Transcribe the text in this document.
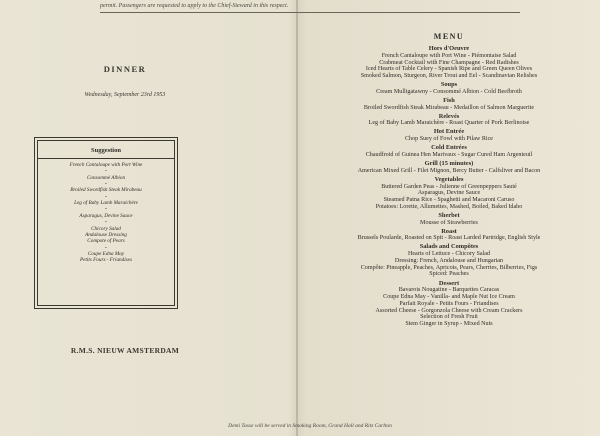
permit. Passengers are requested to apply to the Chief-Steward in this respect.
DINNER
Wednesday, September 23rd 1953
Suggestion
French Cantaloupe with Port Wine
•
Consommé Albion
•
Broiled Swordfish Steak Mirabeau
•
Leg of Baby Lamb Maraichère
•
Asparagus, Devine Sauce
•
Chicory Salad
Andalouse Dressing
Compote of Pears
•
Coupe Edna May
Petits Fours - Friandises
R.M.S. NIEUW AMSTERDAM
MENU
Hors d'Oeuvre
French Cantaloupe with Port Wine - Piémontaise Salad
Crabmeat Cocktail with Fine Champagne - Red Radishes
Iced Hearts of Table Celery - Spanish Ripe and Green Queen Olives
Smoked Salmon, Sturgeon, River Trout and Eel - Scandinavian Relishes
Soups
Cream Mulligatawny - Consommé Albion - Cold Beefbroth
Fish
Broiled Swordfish Steak Mirabeau - Medaillon of Salmon Marguerite
Relevés
Leg of Baby Lamb Maraichère - Roast Quarter of Pork Berlinoise
Hot Entrée
Chop Suey of Fowl with Pilaw Rice
Cold Entrées
Chaudfroid of Guinea Hen Marivaux - Sugar Cured Ham Argenteuil
Grill (15 minutes)
American Mixed Grill - Filet Mignon, Bercy Butter - Calfsliver and Bacon
Vegetables
Buttered Garden Peas - Julienne of Greenpeppers Sauté
Asparagus, Devine Sauce
Steamed Patna Rice - Spaghetti and Macaroni Caruso
Potatoes: Lorette, Allumettes, Mashed, Boiled, Baked Idaho
Sherbet
Mousse of Strawberries
Roast
Brussels Poularde, Roasted on Spit - Roast Larded Partridge, English Style
Salads and Compôtes
Hearts of Lettuce - Chicory Salad
Dressing: French, Andalouse and Hungarian
Compôte: Pineapple, Peaches, Apricots, Pears, Cherries, Bilberries, Figs
Spiced: Peaches
Dessert
Bavarois Nougatine - Barquettes Caracas
Coupe Edna May - Vanilla- and Maple Nut Ice Cream
Parfait Royale - Petits Fours - Friandises
Assorted Cheese - Gorgonzola Cheese with Cream Crackers
Selection of Fresh Fruit
Stem Ginger in Syrup - Mixed Nuts
Demi Tasse will be served in Smoking Room, Grand Hall and Ritz Carlton
